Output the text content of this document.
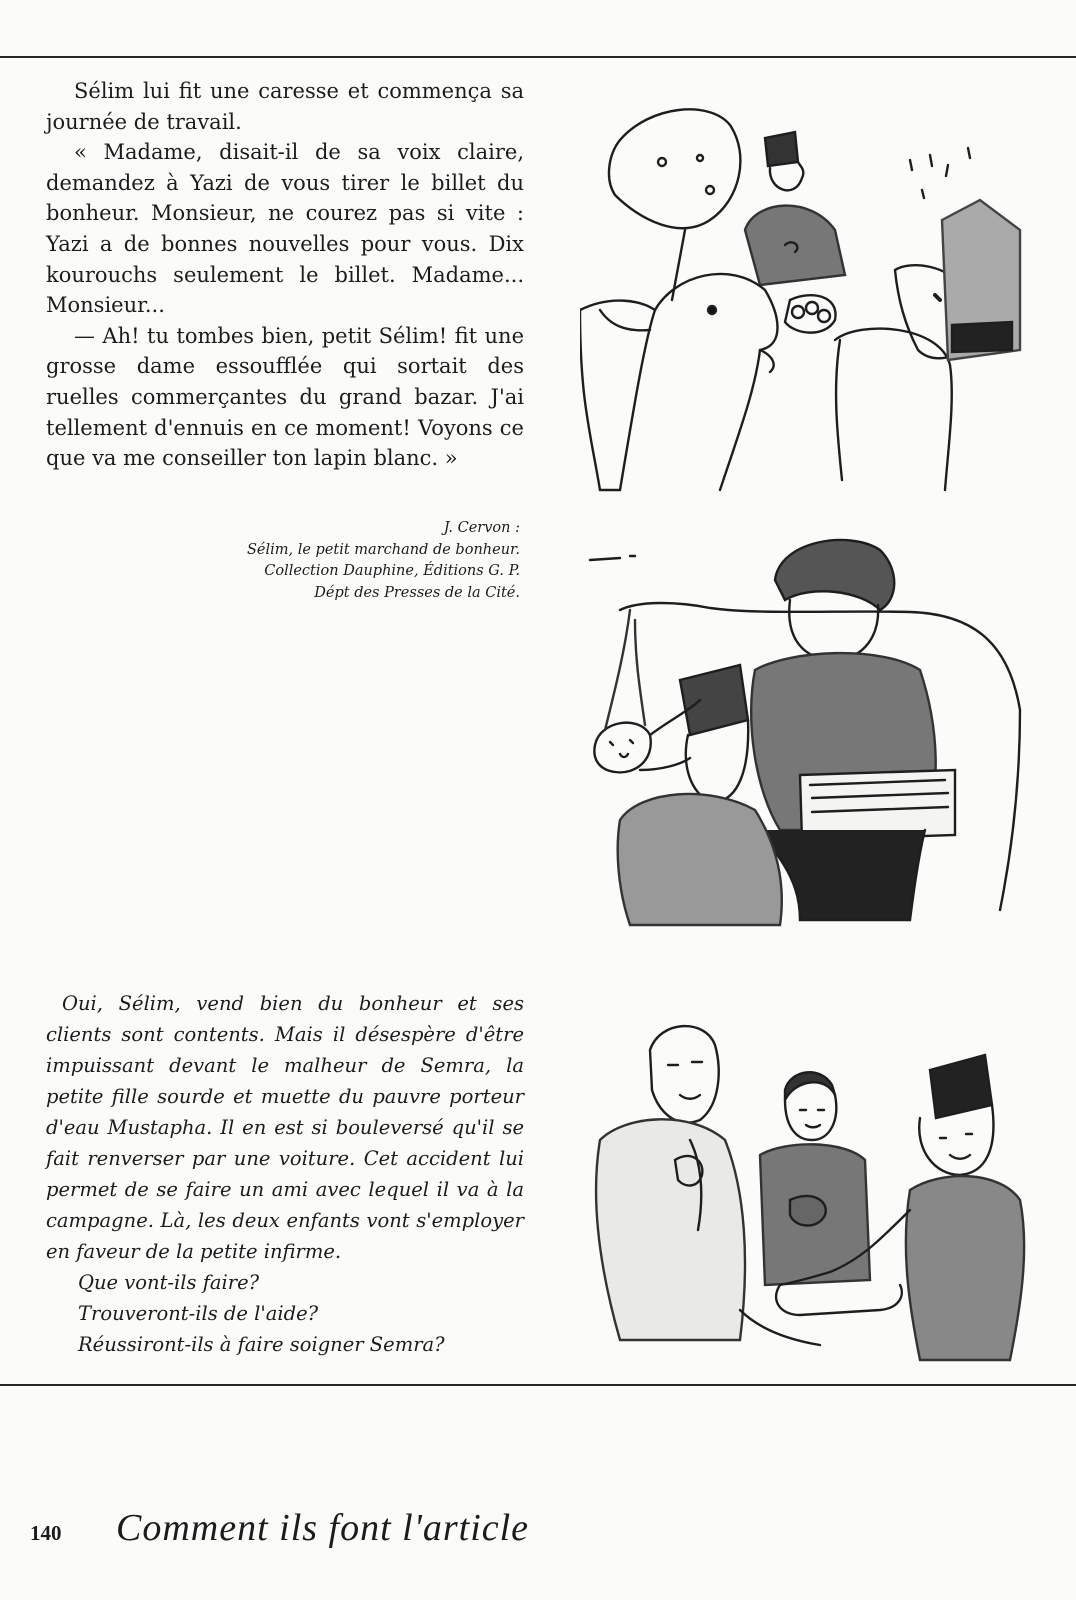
Sélim lui fit une caresse et commença sa journée de travail.

« Madame, disait-il de sa voix claire, demandez à Yazi de vous tirer le billet du bonheur. Monsieur, ne courez pas si vite : Yazi a de bonnes nouvelles pour vous. Dix kourouchs seulement le billet. Madame... Monsieur...

— Ah! tu tombes bien, petit Sélim! fit une grosse dame essoufflée qui sortait des ruelles commerçantes du grand bazar. J'ai tellement d'ennuis en ce moment! Voyons ce que va me conseiller ton lapin blanc. »

J. Cervon :
Sélim, le petit marchand de bonheur.
Collection Dauphine, Éditions G. P.
Dépt des Presses de la Cité.

Oui, Sélim, vend bien du bonheur et ses clients sont contents. Mais il désespère d'être impuissant devant le malheur de Semra, la petite fille sourde et muette du pauvre porteur d'eau Mustapha. Il en est si bouleversé qu'il se fait renverser par une voiture. Cet accident lui permet de se faire un ami avec lequel il va à la campagne. Là, les deux enfants vont s'employer en faveur de la petite infirme.

Que vont-ils faire?

Trouveront-ils de l'aide?

Réussiront-ils à faire soigner Semra?

140 Comment ils font l'article
